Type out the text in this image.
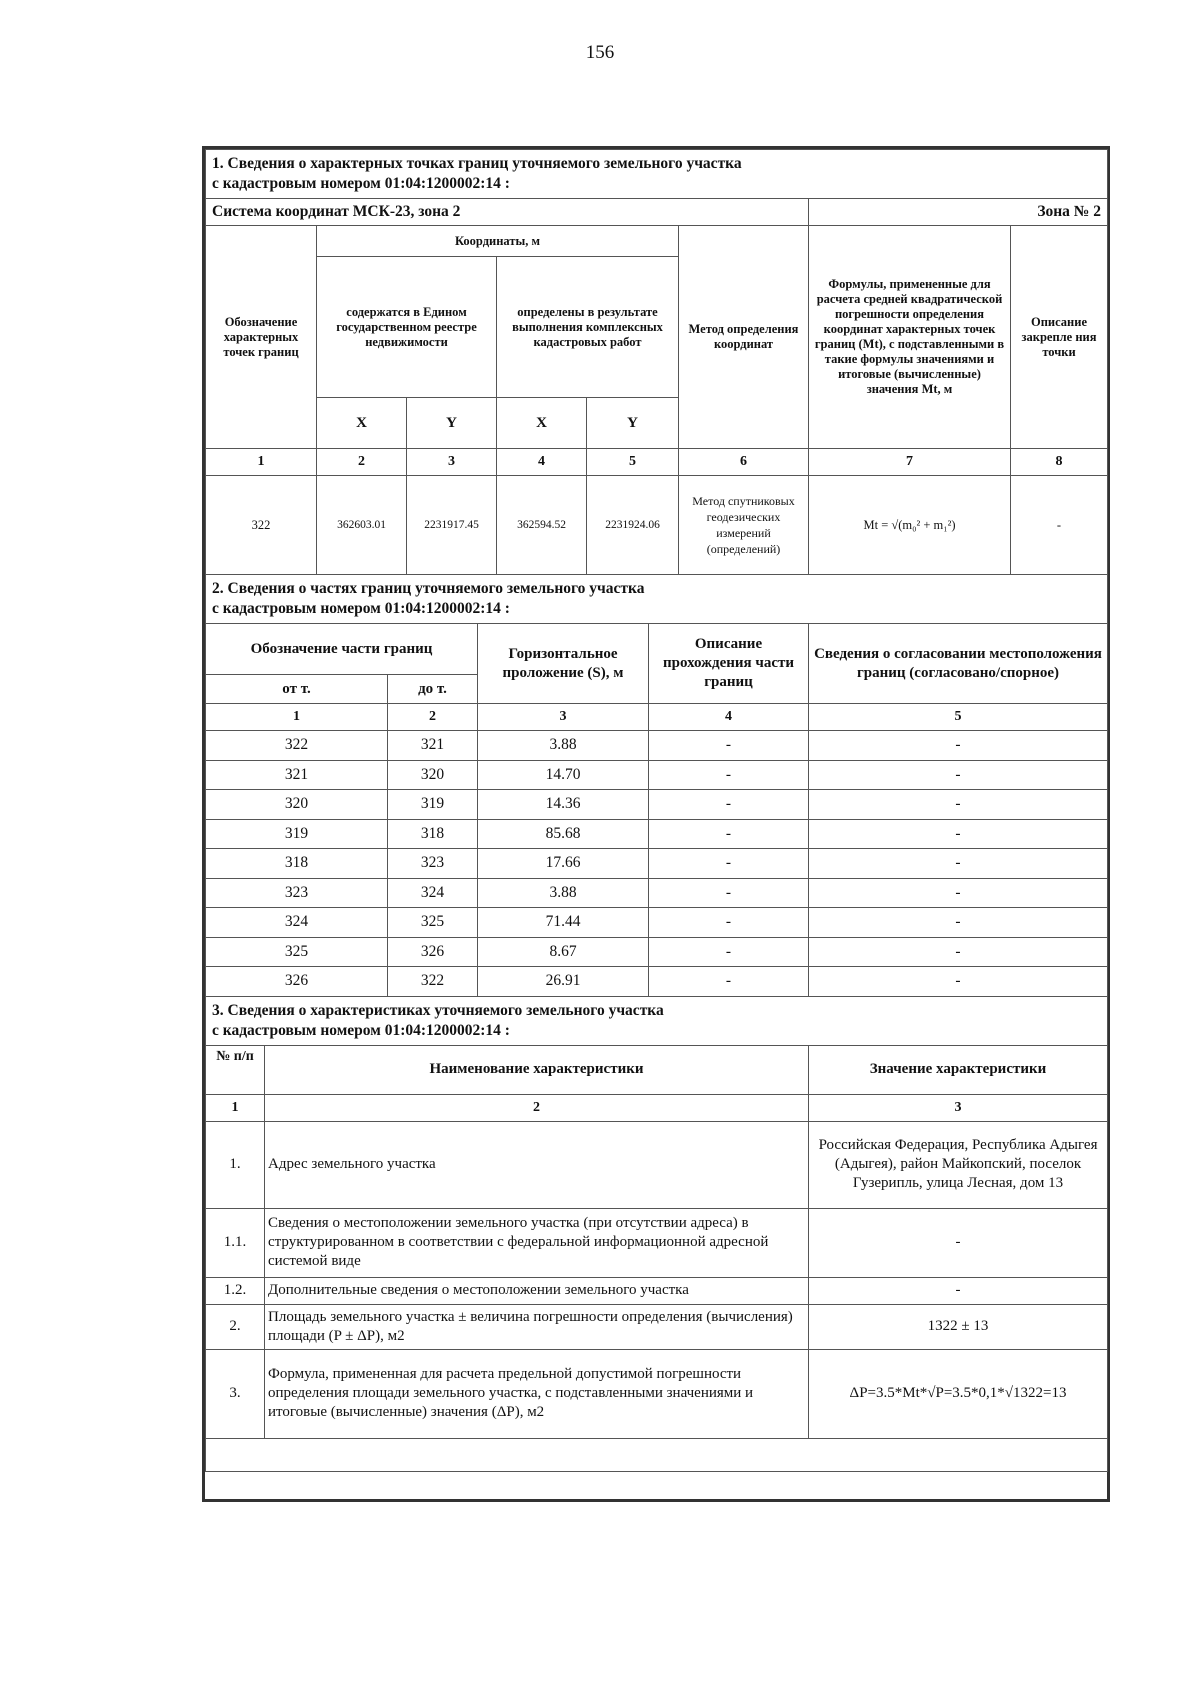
156
1. Сведения о характерных точках границ уточняемого земельного участка
с кадастровым номером 01:04:1200002:14 :							

Система координат МСК-23, зона 2						Зона № 2	
Обозначение характерных точек границ	Координаты, м				Метод определения координат	Формулы, примененные для расчета средней квадратической погрешности определения координат характерных точек границ (Mt), с подставленными в такие формулы значениями и итоговые (вычисленные) значения Mt, м	Описание закрепле ния точки
	содержатся в Едином государственном реестре недвижимости		определены в результате выполнения комплексных кадастровых работ				
	X	Y	X	Y			
1	2	3	4	5	6	7	8
322	362603.01	2231917.45	362594.52	2231924.06	Метод спутниковых геодезических измерений (определений)	Mt = √(m₀² + m₁²)	-
2. Сведения о частях границ уточняемого земельного участка
с кадастровым номером 01:04:1200002:14 :				

Обозначение части границ		Горизонтальное проложение (S), м	Описание прохождения части границ	Сведения о согласовании местоположения границ (согласовано/спорное)
от т.	до т.			
1	2	3	4	5
322	321	3.88	-	-
321	320	14.70	-	-
320	319	14.36	-	-
319	318	85.68	-	-
318	323	17.66	-	-
323	324	3.88	-	-
324	325	71.44	-	-
325	326	8.67	-	-
326	322	26.91	-	-
3. Сведения о характеристиках уточняемого земельного участка
с кадастровым номером 01:04:1200002:14 :		

№ п/п	Наименование характеристики	Значение характеристики
1	2	3
1.	Адрес земельного участка	Российская Федерация, Республика Адыгея (Адыгея), район Майкопский, поселок Гузерипль, улица Лесная, дом 13
1.1.	Сведения о местоположении земельного участка (при отсутствии адреса) в структурированном в соответствии с федеральной информационной адресной системой виде	-
1.2.	Дополнительные сведения о местоположении земельного участка	-
2.	Площадь земельного участка ± величина погрешности определения (вычисления) площади (P ± ΔP), м2	1322 ± 13
3.	Формула, примененная для расчета предельной допустимой погрешности определения площади земельного участка, с подставленными значениями и итоговые (вычисленные) значения (ΔP), м2	ΔP=3.5*Mt*√P=3.5*0,1*√1322=13
